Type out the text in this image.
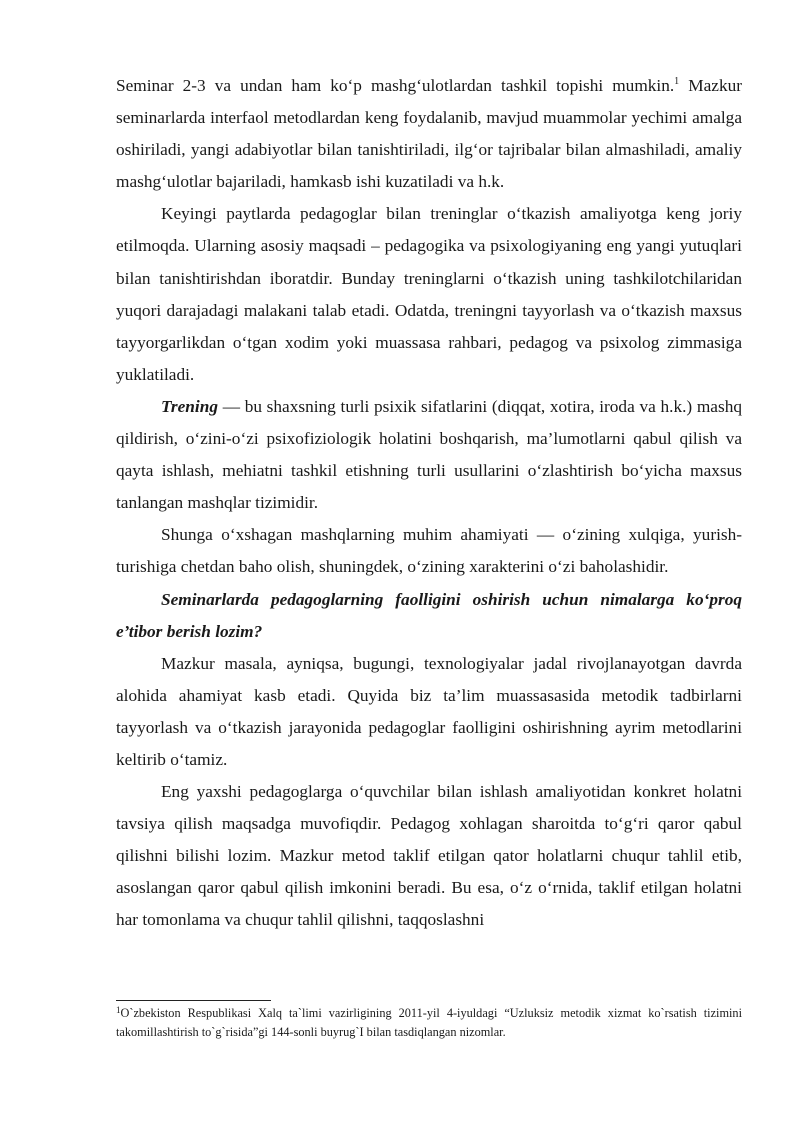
Seminar 2-3 va undan ham ko‘p mashg‘ulotlardan tashkil topishi mumkin.$^1$ Mazkur seminarlarda interfaol metodlardan keng foydalanib, mavjud muammolar yechimi amalga oshiriladi, yangi adabiyotlar bilan tanishtiriladi, ilg‘or tajribalar bilan almashiladi, amaliy mashg‘ulotlar bajariladi, hamkasb ishi kuzatiladi va h.k.

Keyingi paytlarda pedagoglar bilan treninglar o‘tkazish amaliyotga keng joriy etilmoqda. Ularning asosiy maqsadi – pedagogika va psixologiyaning eng yangi yutuqlari bilan tanishtirishdan iboratdir. Bunday treninglarni o‘tkazish uning tashkilotchilaridan yuqori darajadagi malakani talab etadi. Odatda, treningni tayyorlash va o‘tkazish maxsus tayyorgarlikdan o‘tgan xodim yoki muassasa rahbari, pedagog va psixolog zimmasiga yuklatiladi.

Trening — bu shaxsning turli psixik sifatlarini (diqqat, xotira, iroda va h.k.) mashq qildirish, o‘zini-o‘zi psixofiziologik holatini boshqarish, ma’lumotlarni qabul qilish va qayta ishlash, mehiatni tashkil etishning turli usullarini o‘zlashtirish bo‘yicha maxsus tanlangan mashqlar tizimidir.

Shunga o‘xshagan mashqlarning muhim ahamiyati — o‘zining xulqiga, yurish-turishiga chetdan baho olish, shuningdek, o‘zining xarakterini o‘zi baholashidir.

Seminarlarda pedagoglarning faolligini oshirish uchun nimalarga ko‘proq e’tibor berish lozim?

Mazkur masala, ayniqsa, bugungi, texnologiyalar jadal rivojlanayotgan davrda alohida ahamiyat kasb etadi. Quyida biz ta’lim muassasasida metodik tadbirlarni tayyorlash va o‘tkazish jarayonida pedagoglar faolligini oshirishning ayrim metodlarini keltirib o‘tamiz.

Eng yaxshi pedagoglarga o‘quvchilar bilan ishlash amaliyotidan konkret holatni tavsiya qilish maqsadga muvofiqdir. Pedagog xohlagan sharoitda to‘g‘ri qaror qabul qilishni bilishi lozim. Mazkur metod taklif etilgan qator holatlarni chuqur tahlil etib, asoslangan qaror qabul qilish imkonini beradi. Bu esa, o‘z o‘rnida, taklif etilgan holatni har tomonlama va chuqur tahlil qilishni, taqqoslashni

$^1$O`zbekiston Respublikasi Xalq ta`limi vazirligining 2011-yil 4-iyuldagi “Uzluksiz metodik xizmat ko`rsatish tizimini takomillashtirish to`g`risida”gi 144-sonli buyrug`I bilan tasdiqlangan nizomlar.
